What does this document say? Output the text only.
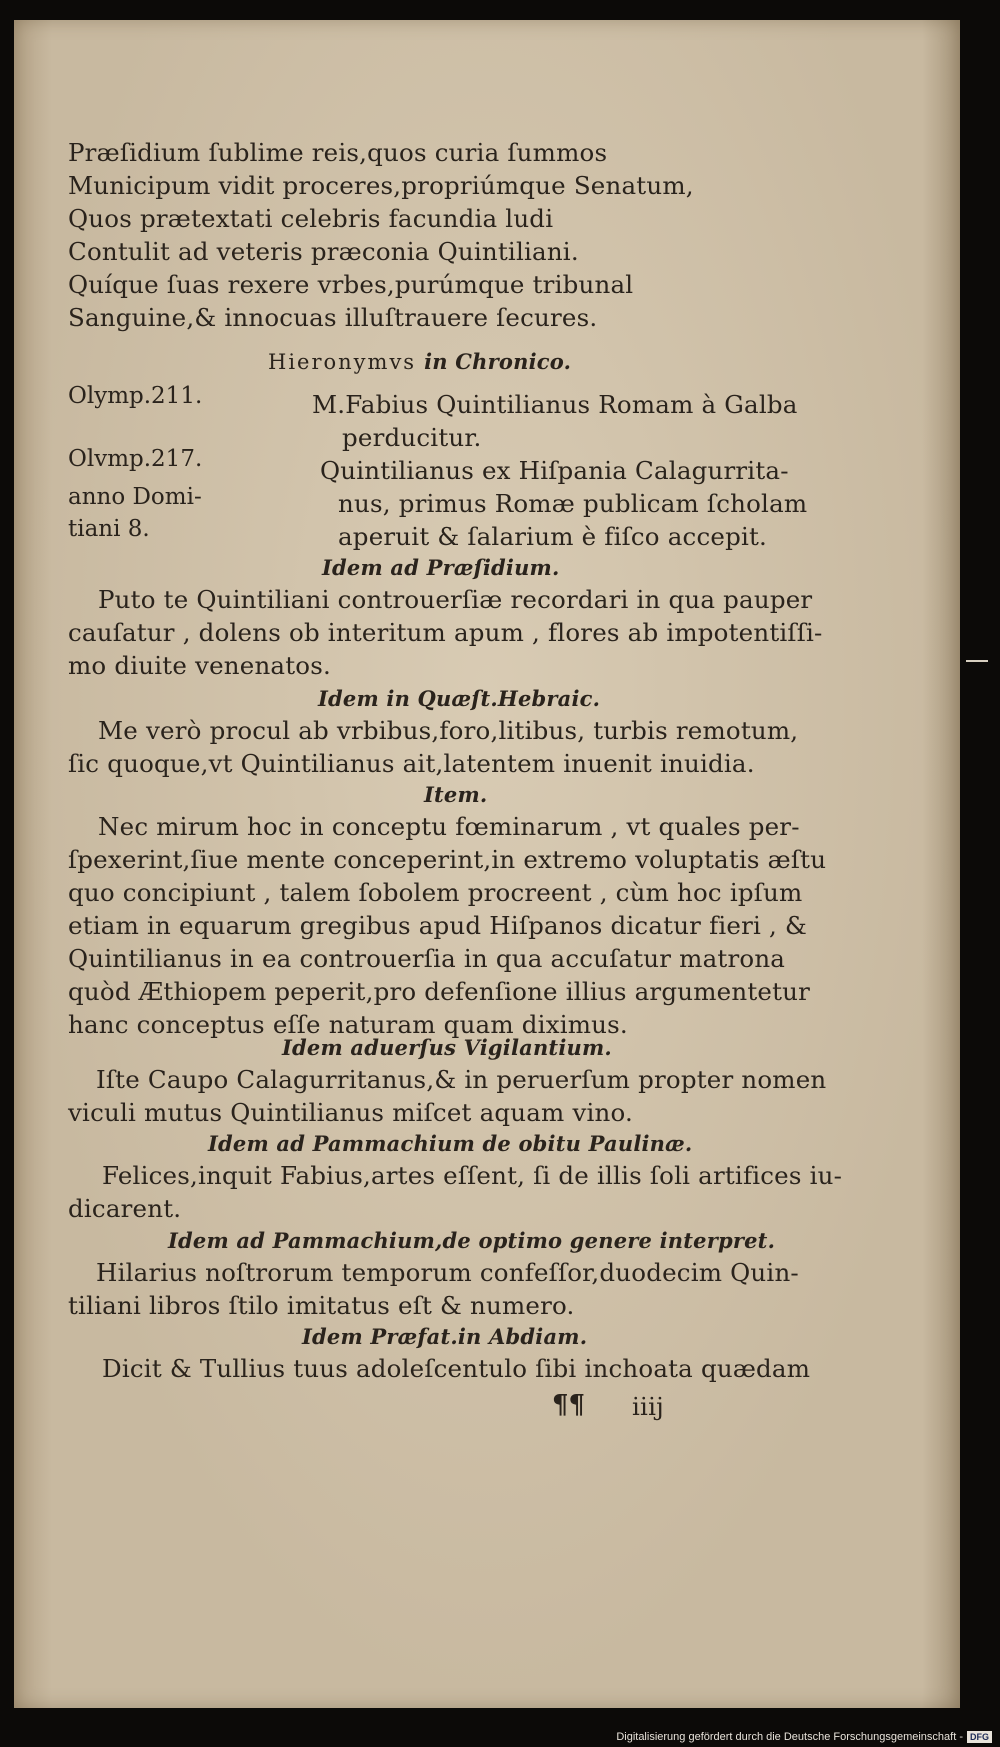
Præſidium ſublime reis,quos curia ſummos
Municipum vidit proceres,propriúmque Senatum,
Quos prætextati celebris facundia ludi
Contulit ad veteris præconia Quintiliani.
Quíque ſuas rexere vrbes,purúmque tribunal
Sanguine,& innocuas illuſtrauere ſecures.
Hieronymvs in Chronico.
Olymp.211.	M.Fabius Quintilianus Romam à Galba
perducitur.
Olvmp.217.
anno Domi-
tiani 8.
Quintilianus ex Hiſpania Calagurrita-
nus, primus Romæ publicam ſcholam
aperuit & ſalarium è fiſco accepit.
Idem ad Præſidium.
Puto te Quintiliani controuerſiæ recordari in qua pauper
cauſatur , dolens ob interitum apum , flores ab impotentiſſi-
mo diuite venenatos.
Idem in Quæſt.Hebraic.
Me verò procul ab vrbibus,foro,litibus, turbis remotum,
ſic quoque,vt Quintilianus ait,latentem inuenit inuidia.
Item.
Nec mirum hoc in conceptu fœminarum , vt quales per-
ſpexerint,ſiue mente conceperint,in extremo voluptatis æſtu
quo concipiunt , talem ſobolem procreent , cùm hoc ipſum
etiam in equarum gregibus apud Hiſpanos dicatur fieri , &
Quintilianus in ea controuerſia in qua accuſatur matrona
quòd Æthiopem peperit,pro defenſione illius argumentetur
hanc conceptus eſſe naturam quam diximus.
Idem aduerſus Vigilantium.
Iſte Caupo Calagurritanus,& in peruerſum propter nomen
viculi mutus Quintilianus miſcet aquam vino.
Idem ad Pammachium de obitu Paulinæ.
Felices,inquit Fabius,artes eſſent, ſi de illis ſoli artifices iu-
dicarent.
Idem ad Pammachium,de optimo genere interpret.
Hilarius noſtrorum temporum confeſſor,duodecim Quin-
tiliani libros ſtilo imitatus eſt & numero.
Idem Præfat.in Abdiam.
Dicit & Tullius tuus adoleſcentulo ſibi inchoata quædam
¶¶ iiij
Digitalisierung gefördert durch die Deutsche Forschungsgemeinschaft - DFG
